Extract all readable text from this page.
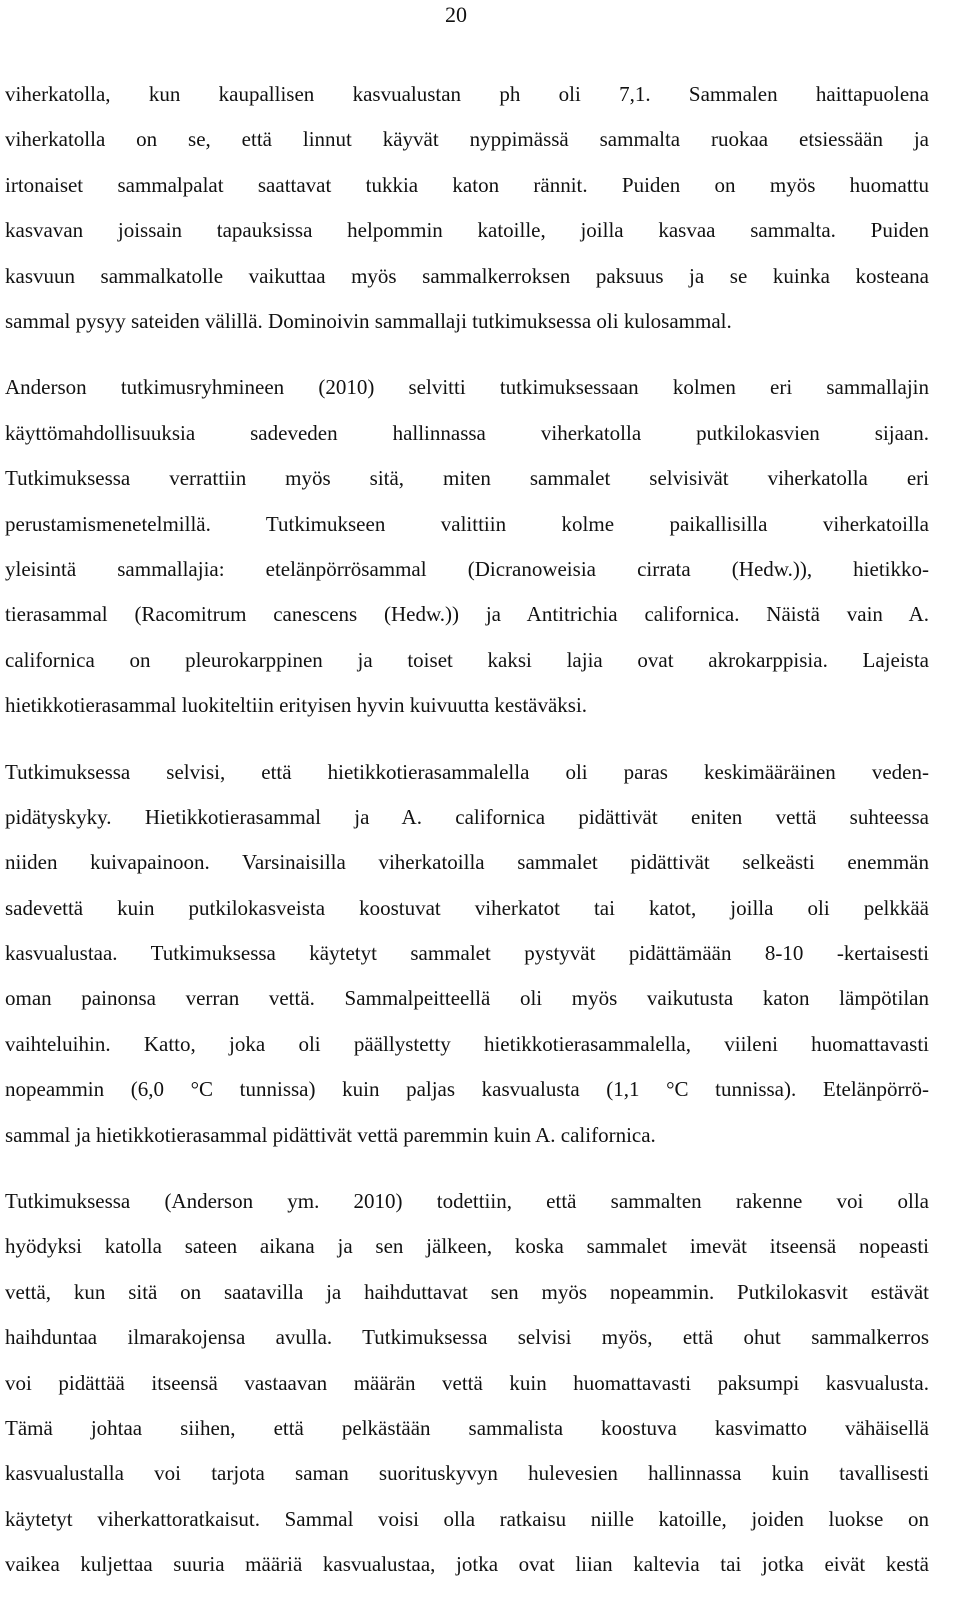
20

viherkatolla, kun kaupallisen kasvualustan ph oli 7,1. Sammalen haittapuolena
viherkatolla on se, että linnut käyvät nyppimässä sammalta ruokaa etsiessään ja
irtonaiset sammalpalat saattavat tukkia katon rännit. Puiden on myös huomattu
kasvavan joissain tapauksissa helpommin katoille, joilla kasvaa sammalta. Puiden
kasvuun sammalkatolle vaikuttaa myös sammalkerroksen paksuus ja se kuinka kosteana
sammal pysyy sateiden välillä. Dominoivin sammallaji tutkimuksessa oli kulosammal.

Anderson tutkimusryhmineen (2010) selvitti tutkimuksessaan kolmen eri sammallajin
käyttömahdollisuuksia sadeveden hallinnassa viherkatolla putkilokasvien sijaan.
Tutkimuksessa verrattiin myös sitä, miten sammalet selvisivät viherkatolla eri
perustamismenetelmillä. Tutkimukseen valittiin kolme paikallisilla viherkatoilla
yleisintä sammallajia: etelänpörrösammal (Dicranoweisia cirrata (Hedw.)), hietikko-
tierasammal (Racomitrum canescens (Hedw.)) ja Antitrichia californica. Näistä vain A.
californica on pleurokarppinen ja toiset kaksi lajia ovat akrokarppisia. Lajeista
hietikkotierasammal luokiteltiin erityisen hyvin kuivuutta kestäväksi.

Tutkimuksessa selvisi, että hietikkotierasammalella oli paras keskimääräinen veden-
pidätyskyky. Hietikkotierasammal ja A. californica pidättivät eniten vettä suhteessa
niiden kuivapainoon. Varsinaisilla viherkatoilla sammalet pidättivät selkeästi enemmän
sadevettä kuin putkilokasveista koostuvat viherkatot tai katot, joilla oli pelkkää
kasvualustaa. Tutkimuksessa käytetyt sammalet pystyvät pidättämään 8-10 -kertaisesti
oman painonsa verran vettä. Sammalpeitteellä oli myös vaikutusta katon lämpötilan
vaihteluihin. Katto, joka oli päällystetty hietikkotierasammalella, viileni huomattavasti
nopeammin (6,0 °C tunnissa) kuin paljas kasvualusta (1,1 °C tunnissa). Etelänpörrö-
sammal ja hietikkotierasammal pidättivät vettä paremmin kuin A. californica.

Tutkimuksessa (Anderson ym. 2010) todettiin, että sammalten rakenne voi olla
hyödyksi katolla sateen aikana ja sen jälkeen, koska sammalet imevät itseensä nopeasti
vettä, kun sitä on saatavilla ja haihduttavat sen myös nopeammin. Putkilokasvit estävät
haihduntaa ilmarakojensa avulla. Tutkimuksessa selvisi myös, että ohut sammalkerros
voi pidättää itseensä vastaavan määrän vettä kuin huomattavasti paksumpi kasvualusta.
Tämä johtaa siihen, että pelkästään sammalista koostuva kasvimatto vähäisellä
kasvualustalla voi tarjota saman suorituskyvyn hulevesien hallinnassa kuin tavallisesti
käytetyt viherkattoratkaisut. Sammal voisi olla ratkaisu niille katoille, joiden luokse on
vaikea kuljettaa suuria määriä kasvualustaa, jotka ovat liian kaltevia tai jotka eivät kestä
